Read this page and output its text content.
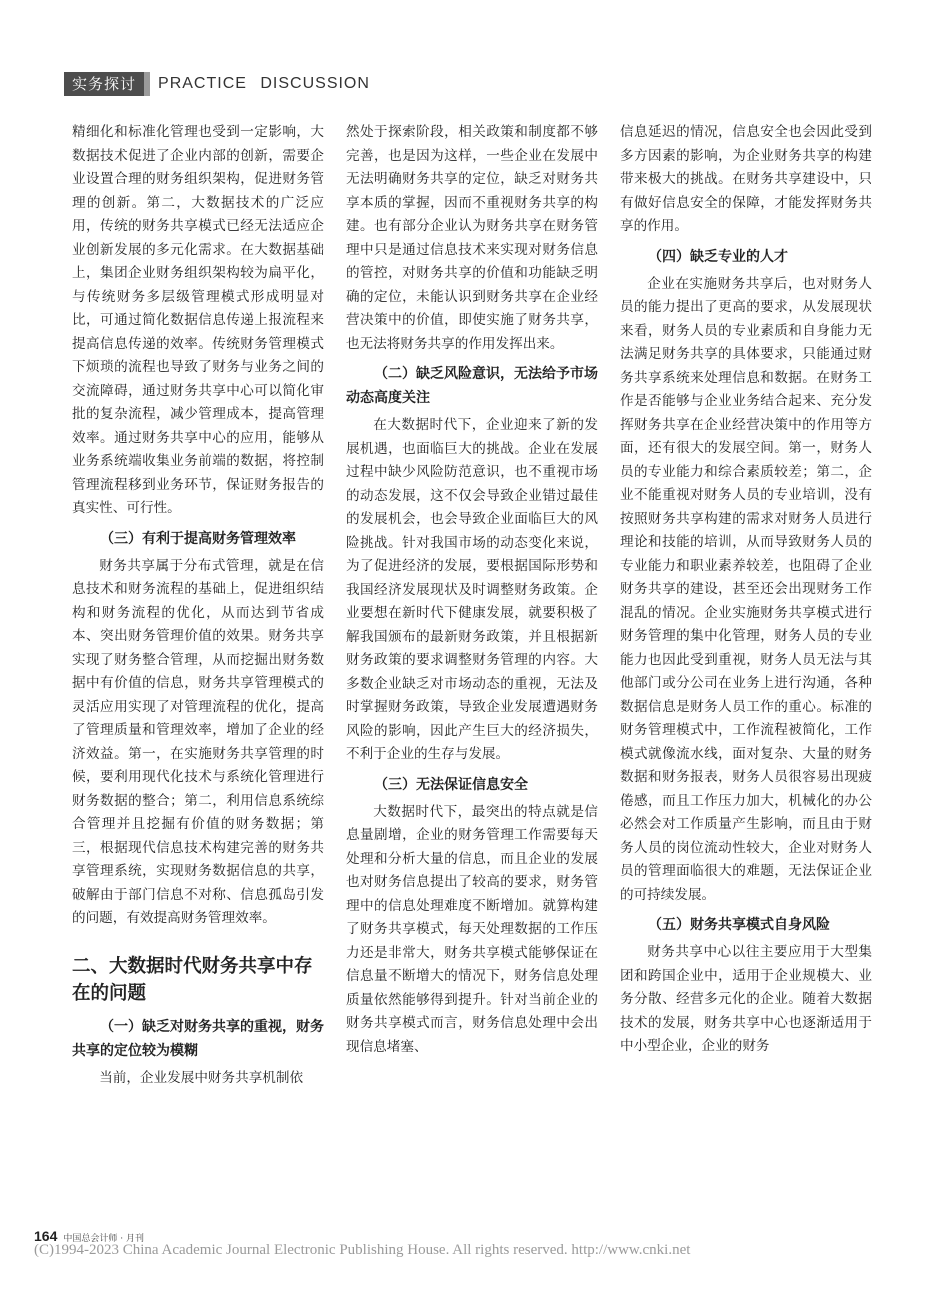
实务探讨	PRACTICE DISCUSSION

精细化和标准化管理也受到一定影响，大数据技术促进了企业内部的创新，需要企业设置合理的财务组织架构，促进财务管理的创新。第二，大数据技术的广泛应用，传统的财务共享模式已经无法适应企业创新发展的多元化需求。在大数据基础上，集团企业财务组织架构较为扁平化，与传统财务多层级管理模式形成明显对比，可通过简化数据信息传递上报流程来提高信息传递的效率。传统财务管理模式下烦琐的流程也导致了财务与业务之间的交流障碍，通过财务共享中心可以简化审批的复杂流程，减少管理成本，提高管理效率。通过财务共享中心的应用，能够从业务系统端收集业务前端的数据，将控制管理流程移到业务环节，保证财务报告的真实性、可行性。

（三）有利于提高财务管理效率

财务共享属于分布式管理，就是在信息技术和财务流程的基础上，促进组织结构和财务流程的优化，从而达到节省成本、突出财务管理价值的效果。财务共享实现了财务整合管理，从而挖掘出财务数据中有价值的信息，财务共享管理模式的灵活应用实现了对管理流程的优化，提高了管理质量和管理效率，增加了企业的经济效益。第一，在实施财务共享管理的时候，要利用现代化技术与系统化管理进行财务数据的整合；第二，利用信息系统综合管理并且挖掘有价值的财务数据；第三，根据现代信息技术构建完善的财务共享管理系统，实现财务数据信息的共享，破解由于部门信息不对称、信息孤岛引发的问题，有效提高财务管理效率。

二、大数据时代财务共享中存在的问题

（一）缺乏对财务共享的重视，财务共享的定位较为模糊

当前，企业发展中财务共享机制依

然处于探索阶段，相关政策和制度都不够完善，也是因为这样，一些企业在发展中无法明确财务共享的定位，缺乏对财务共享本质的掌握，因而不重视财务共享的构建。也有部分企业认为财务共享在财务管理中只是通过信息技术来实现对财务信息的管控，对财务共享的价值和功能缺乏明确的定位，未能认识到财务共享在企业经营决策中的价值，即使实施了财务共享，也无法将财务共享的作用发挥出来。

（二）缺乏风险意识，无法给予市场动态高度关注

在大数据时代下，企业迎来了新的发展机遇，也面临巨大的挑战。企业在发展过程中缺少风险防范意识，也不重视市场的动态发展，这不仅会导致企业错过最佳的发展机会，也会导致企业面临巨大的风险挑战。针对我国市场的动态变化来说，为了促进经济的发展，要根据国际形势和我国经济发展现状及时调整财务政策。企业要想在新时代下健康发展，就要积极了解我国颁布的最新财务政策，并且根据新财务政策的要求调整财务管理的内容。大多数企业缺乏对市场动态的重视，无法及时掌握财务政策，导致企业发展遭遇财务风险的影响，因此产生巨大的经济损失，不利于企业的生存与发展。

（三）无法保证信息安全

大数据时代下，最突出的特点就是信息量剧增，企业的财务管理工作需要每天处理和分析大量的信息，而且企业的发展也对财务信息提出了较高的要求，财务管理中的信息处理难度不断增加。就算构建了财务共享模式，每天处理数据的工作压力还是非常大，财务共享模式能够保证在信息量不断增大的情况下，财务信息处理质量依然能够得到提升。针对当前企业的财务共享模式而言，财务信息处理中会出现信息堵塞、

信息延迟的情况，信息安全也会因此受到多方因素的影响，为企业财务共享的构建带来极大的挑战。在财务共享建设中，只有做好信息安全的保障，才能发挥财务共享的作用。

（四）缺乏专业的人才

企业在实施财务共享后，也对财务人员的能力提出了更高的要求，从发展现状来看，财务人员的专业素质和自身能力无法满足财务共享的具体要求，只能通过财务共享系统来处理信息和数据。在财务工作是否能够与企业业务结合起来、充分发挥财务共享在企业经营决策中的作用等方面，还有很大的发展空间。第一，财务人员的专业能力和综合素质较差；第二，企业不能重视对财务人员的专业培训，没有按照财务共享构建的需求对财务人员进行理论和技能的培训，从而导致财务人员的专业能力和职业素养较差，也阻碍了企业财务共享的建设，甚至还会出现财务工作混乱的情况。企业实施财务共享模式进行财务管理的集中化管理，财务人员的专业能力也因此受到重视，财务人员无法与其他部门或分公司在业务上进行沟通，各种数据信息是财务人员工作的重心。标准的财务管理模式中，工作流程被简化，工作模式就像流水线，面对复杂、大量的财务数据和财务报表，财务人员很容易出现疲倦感，而且工作压力加大，机械化的办公必然会对工作质量产生影响，而且由于财务人员的岗位流动性较大，企业对财务人员的管理面临很大的难题，无法保证企业的可持续发展。

（五）财务共享模式自身风险

财务共享中心以往主要应用于大型集团和跨国企业中，适用于企业规模大、业务分散、经营多元化的企业。随着大数据技术的发展，财务共享中心也逐渐适用于中小型企业，企业的财务

164 中国总会计师 · 月刊
(C)1994-2023 China Academic Journal Electronic Publishing House. All rights reserved. http://www.cnki.net
